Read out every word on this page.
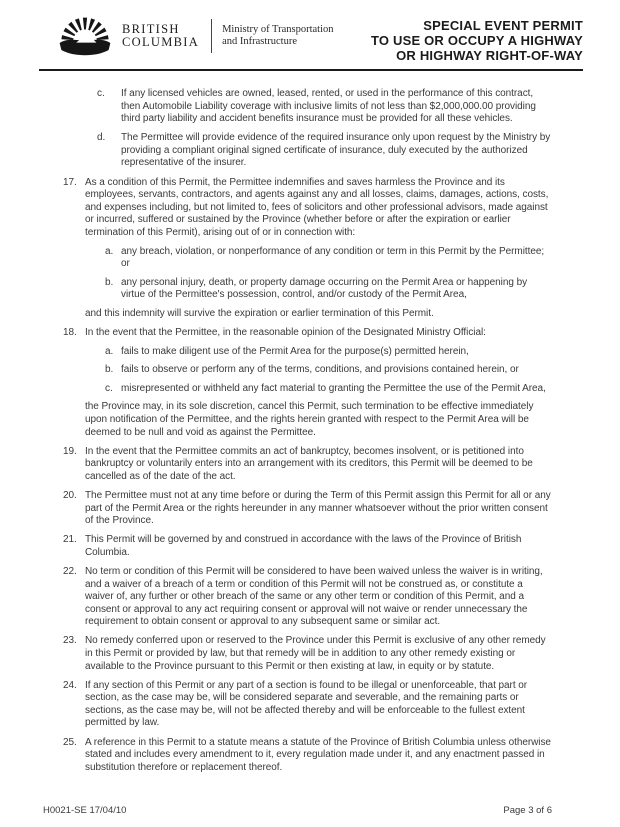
BRITISH
COLUMBIA
Ministry of Transportation
and Infrastructure
SPECIAL EVENT PERMIT
TO USE OR OCCUPY A HIGHWAY
OR HIGHWAY RIGHT-OF-WAY
c.	If any licensed vehicles are owned, leased, rented, or used in the performance of this contract, then Automobile Liability coverage with inclusive limits of not less than $2,000,000.00 providing third party liability and accident benefits insurance must be provided for all these vehicles.

d.	The Permittee will provide evidence of the required insurance only upon request by the Ministry by providing a compliant original signed certificate of insurance, duly executed by the authorized representative of the insurer.

17. As a condition of this Permit, the Permittee indemnifies and saves harmless the Province and its employees, servants, contractors, and agents against any and all losses, claims, damages, actions, costs, and expenses including, but not limited to, fees of solicitors and other professional advisors, made against or incurred, suffered or sustained by the Province (whether before or after the expiration or earlier termination of this Permit), arising out of or in connection with:

a. any breach, violation, or nonperformance of any condition or term in this Permit by the Permittee; or

b. any personal injury, death, or property damage occurring on the Permit Area or happening by virtue of the Permittee's possession, control, and/or custody of the Permit Area,

and this indemnity will survive the expiration or earlier termination of this Permit.

18. In the event that the Permittee, in the reasonable opinion of the Designated Ministry Official:

a. fails to make diligent use of the Permit Area for the purpose(s) permitted herein,

b. fails to observe or perform any of the terms, conditions, and provisions contained herein, or

c. misrepresented or withheld any fact material to granting the Permittee the use of the Permit Area,

the Province may, in its sole discretion, cancel this Permit, such termination to be effective immediately upon notification of the Permittee, and the rights herein granted with respect to the Permit Area will be deemed to be null and void as against the Permittee.

19. In the event that the Permittee commits an act of bankruptcy, becomes insolvent, or is petitioned into bankruptcy or voluntarily enters into an arrangement with its creditors, this Permit will be deemed to be cancelled as of the date of the act.

20. The Permittee must not at any time before or during the Term of this Permit assign this Permit for all or any part of the Permit Area or the rights hereunder in any manner whatsoever without the prior written consent of the Province.

21. This Permit will be governed by and construed in accordance with the laws of the Province of British Columbia.

22. No term or condition of this Permit will be considered to have been waived unless the waiver is in writing, and a waiver of a breach of a term or condition of this Permit will not be construed as, or constitute a waiver of, any further or other breach of the same or any other term or condition of this Permit, and a consent or approval to any act requiring consent or approval will not waive or render unnecessary the requirement to obtain consent or approval to any subsequent same or similar act.

23. No remedy conferred upon or reserved to the Province under this Permit is exclusive of any other remedy in this Permit or provided by law, but that remedy will be in addition to any other remedy existing or available to the Province pursuant to this Permit or then existing at law, in equity or by statute.

24. If any section of this Permit or any part of a section is found to be illegal or unenforceable, that part or section, as the case may be, will be considered separate and severable, and the remaining parts or sections, as the case may be, will not be affected thereby and will be enforceable to the fullest extent permitted by law.

25. A reference in this Permit to a statute means a statute of the Province of British Columbia unless otherwise stated and includes every amendment to it, every regulation made under it, and any enactment passed in substitution therefore or replacement thereof.

H0021-SE 17/04/10	Page 3 of 6
